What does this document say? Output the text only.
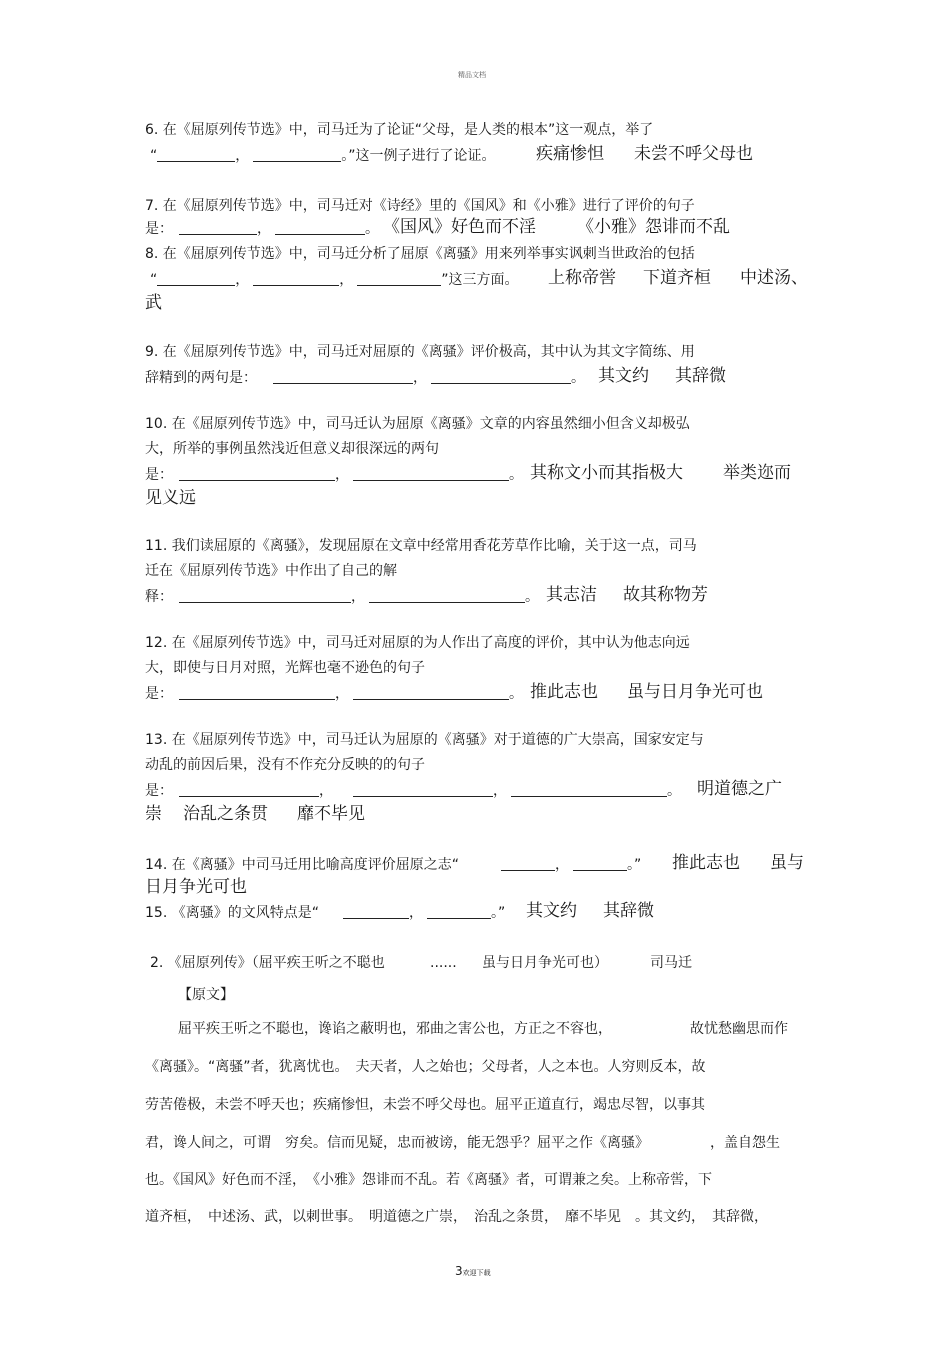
精品文档
6. 在《屈原列传节选》中，司马迁为了论证“父母，是人类的根本”这一观点，举了
“	，	。”这一例子进行了论证。 疾痛惨怛 未尝不呼父母也
7. 在《屈原列传节选》中，司马迁对《诗经》里的《国风》和《小雅》进行了评价的句子
是：	，	。 《国风》好色而不淫 《小雅》怨诽而不乱
8. 在《屈原列传节选》中，司马迁分析了屈原《离骚》用来列举事实讽刺当世政治的包括
“	，	，	”这三方面。 上称帝喾 下道齐桓 中述汤、
武
9. 在《屈原列传节选》中，司马迁对屈原的《离骚》评价极高，其中认为其文字简练、用
辞精到的两句是：	，	。 其文约 其辞微
10. 在《屈原列传节选》中，司马迁认为屈原《离骚》文章的内容虽然细小但含义却极弘
大，所举的事例虽然浅近但意义却很深远的两句
是：	，	。 其称文小而其指极大 举类迩而
见义远
11. 我们读屈原的《离骚》，发现屈原在文章中经常用香花芳草作比喻，关于这一点，司马
迁在《屈原列传节选》中作出了自己的解
释：	，	。 其志洁 故其称物芳
12. 在《屈原列传节选》中，司马迁对屈原的为人作出了高度的评价，其中认为他志向远
大，即使与日月对照，光辉也毫不逊色的句子
是：	，	。 推此志也 虽与日月争光可也
13. 在《屈原列传节选》中，司马迁认为屈原的《离骚》对于道德的广大崇高，国家安定与
动乱的前因后果，没有不作充分反映的的句子
是：	，	，	。 明道德之广
崇 治乱之条贯 靡不毕见
14. 在《离骚》中司马迁用比喻高度评价屈原之志“	，	。” 推此志也 虽与
日月争光可也
15. 《离骚》的文风特点是“	，	。” 其文约 其辞微
2. 《屈原列传》（屈平疾王听之不聪也	...... 虽与日月争光可也）	司马迁
【原文】
屈平疾王听之不聪也，谗谄之蔽明也，邪曲之害公也，方正之不容也，	故忧愁幽思而作
《离骚》。“离骚”者，犹离忧也。　夫天者，人之始也；父母者，人之本也。人穷则反本，故
劳苦倦极，未尝不呼天也；疾痛惨怛，未尝不呼父母也。屈平正道直行，竭忠尽智，以事其
君，谗人间之，可谓　穷矣。信而见疑，忠而被谤，能无怨乎？屈平之作《离骚》	，盖自怨生
也。《国风》好色而不淫，　《小雅》怨诽而不乱。若《离骚》者，可谓兼之矣。上称帝喾，下
道齐桓，　中述汤、武，以刺世事。　明道德之广崇，　治乱之条贯，　靡不毕见　。其文约，　其辞微，
3欢迎下载
